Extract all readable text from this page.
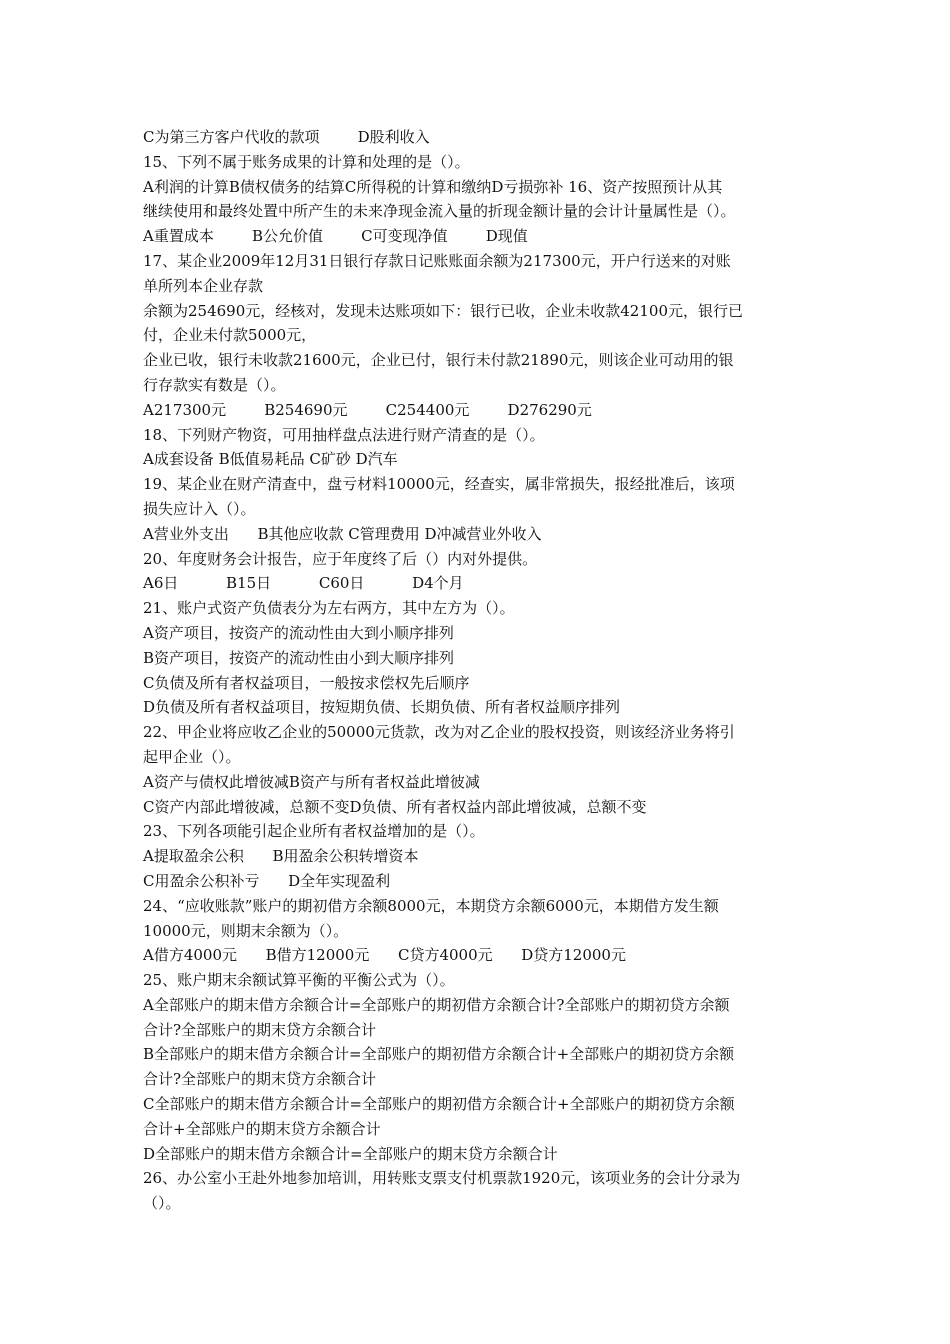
C为第三方客户代收的款项        D股利收入
15、下列不属于账务成果的计算和处理的是（）。
A利润的计算B债权债务的结算C所得税的计算和缴纳D亏损弥补 16、资产按照预计从其
继续使用和最终处置中所产生的未来净现金流入量的折现金额计量的会计计量属性是（）。
A重置成本        B公允价值        C可变现净值        D现值
17、某企业2009年12月31日银行存款日记账账面余额为217300元，开户行送来的对账
单所列本企业存款
余额为254690元，经核对，发现未达账项如下：银行已收，企业未收款42100元，银行已
付，企业未付款5000元，
企业已收，银行未收款21600元，企业已付，银行未付款21890元，则该企业可动用的银
行存款实有数是（）。
A217300元        B254690元        C254400元        D276290元
18、下列财产物资，可用抽样盘点法进行财产清查的是（）。
A成套设备 B低值易耗品 C矿砂 D汽车
19、某企业在财产清查中，盘亏材料10000元，经查实，属非常损失，报经批准后，该项
损失应计入（）。
A营业外支出      B其他应收款 C管理费用 D冲减营业外收入
20、年度财务会计报告，应于年度终了后（）内对外提供。
A6日          B15日          C60日          D4个月
21、账户式资产负债表分为左右两方，其中左方为（）。
A资产项目，按资产的流动性由大到小顺序排列
B资产项目，按资产的流动性由小到大顺序排列
C负债及所有者权益项目，一般按求偿权先后顺序
D负债及所有者权益项目，按短期负债、长期负债、所有者权益顺序排列
22、甲企业将应收乙企业的50000元货款，改为对乙企业的股权投资，则该经济业务将引
起甲企业（）。
A资产与债权此增彼减B资产与所有者权益此增彼减
C资产内部此增彼减，总额不变D负债、所有者权益内部此增彼减，总额不变
23、下列各项能引起企业所有者权益增加的是（）。
A提取盈余公积      B用盈余公积转增资本
C用盈余公积补亏      D全年实现盈利
24、“应收账款”账户的期初借方余额8000元，本期贷方余额6000元，本期借方发生额
10000元，则期末余额为（）。
A借方4000元      B借方12000元      C贷方4000元      D贷方12000元
25、账户期末余额试算平衡的平衡公式为（）。
A全部账户的期末借方余额合计=全部账户的期初借方余额合计?全部账户的期初贷方余额
合计?全部账户的期末贷方余额合计
B全部账户的期末借方余额合计=全部账户的期初借方余额合计+全部账户的期初贷方余额
合计?全部账户的期末贷方余额合计
C全部账户的期末借方余额合计=全部账户的期初借方余额合计+全部账户的期初贷方余额
合计+全部账户的期末贷方余额合计
D全部账户的期末借方余额合计=全部账户的期末贷方余额合计
26、办公室小王赴外地参加培训，用转账支票支付机票款1920元，该项业务的会计分录为
（）。
